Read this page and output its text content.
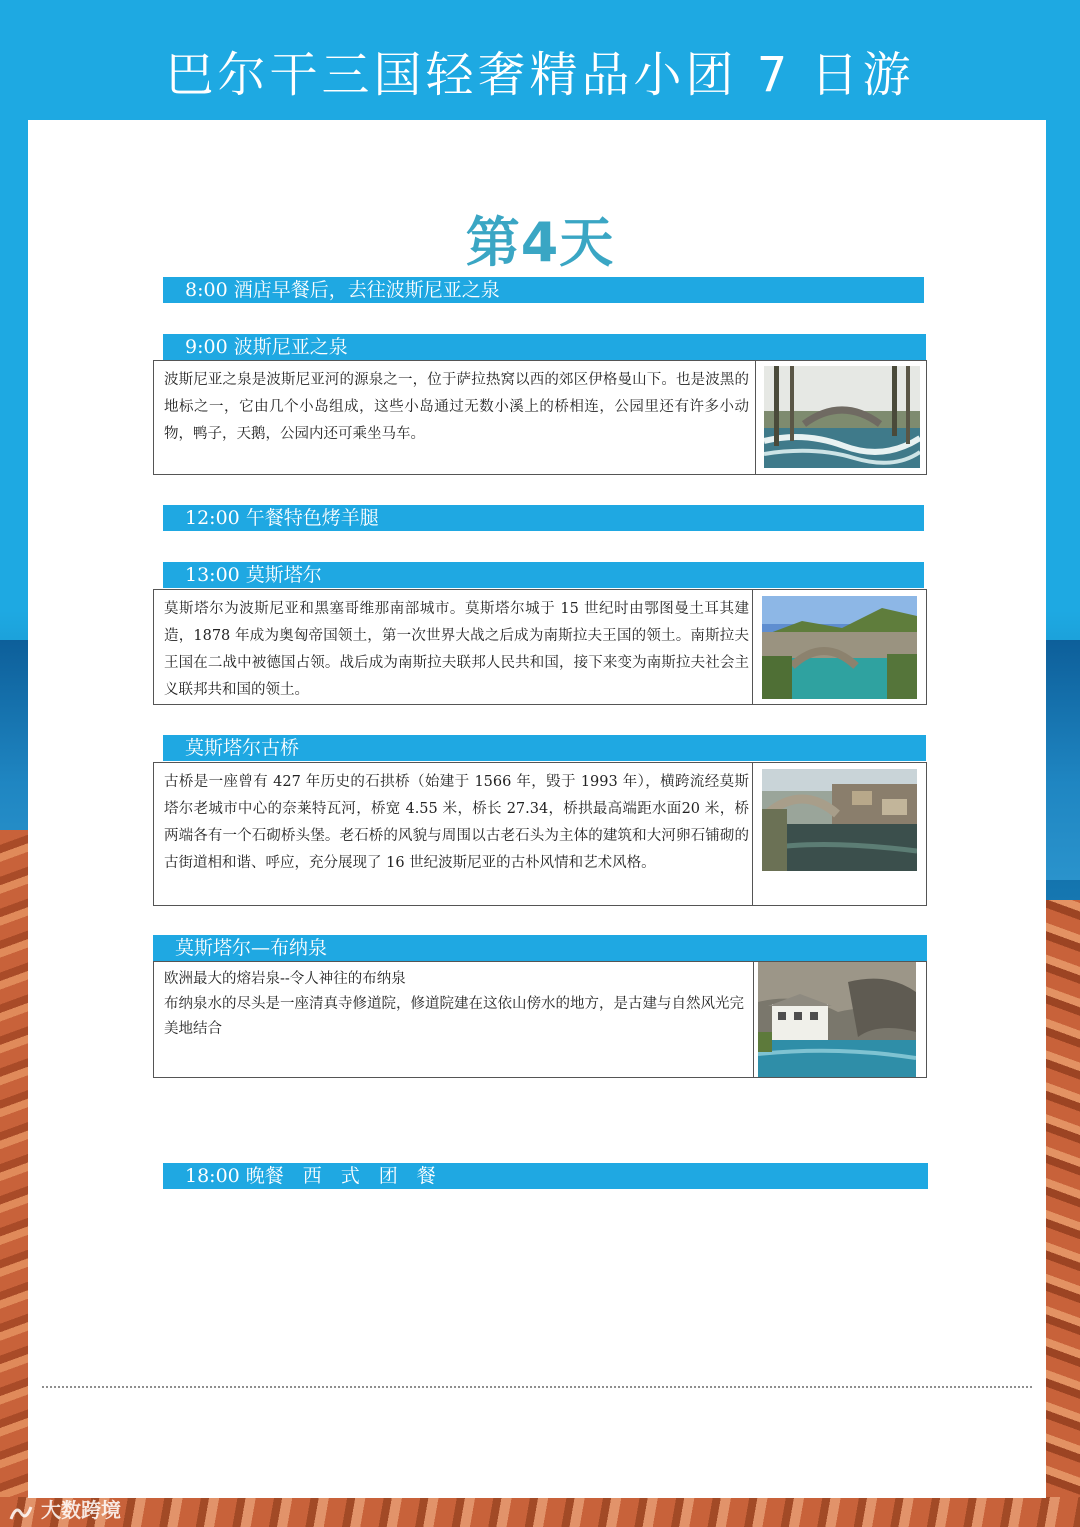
巴尔干三国轻奢精品小团 7 日游
第4天
8:00 酒店早餐后，去往波斯尼亚之泉
9:00 波斯尼亚之泉
波斯尼亚之泉是波斯尼亚河的源泉之一，位于萨拉热窝以西的郊区伊格曼山下。也是波黑的地标之一，它由几个小岛组成，这些小岛通过无数小溪上的桥相连，公园里还有许多小动物，鸭子，天鹅，公园内还可乘坐马车。
12:00 午餐特色烤羊腿
13:00 莫斯塔尔
莫斯塔尔为波斯尼亚和黑塞哥维那南部城市。莫斯塔尔城于 15 世纪时由鄂图曼土耳其建造，1878 年成为奥匈帝国领土，第一次世界大战之后成为南斯拉夫王国的领土。南斯拉夫王国在二战中被德国占领。战后成为南斯拉夫联邦人民共和国，接下来变为南斯拉夫社会主义联邦共和国的领土。
莫斯塔尔古桥
古桥是一座曾有 427 年历史的石拱桥（始建于 1566 年，毁于 1993 年），横跨流经莫斯塔尔老城市中心的奈莱特瓦河，桥宽 4.55 米，桥长 27.34，桥拱最高端距水面20 米，桥两端各有一个石砌桥头堡。老石桥的风貌与周围以古老石头为主体的建筑和大河卵石铺砌的古街道相和谐、呼应，充分展现了 16 世纪波斯尼亚的古朴风情和艺术风格。
莫斯塔尔—布纳泉
欧洲最大的熔岩泉--令人神往的布纳泉
布纳泉水的尽头是一座清真寺修道院，修道院建在这依山傍水的地方，是古建与自然风光完美地结合
18:00 晚餐　西　式　团　餐
大数跨境
